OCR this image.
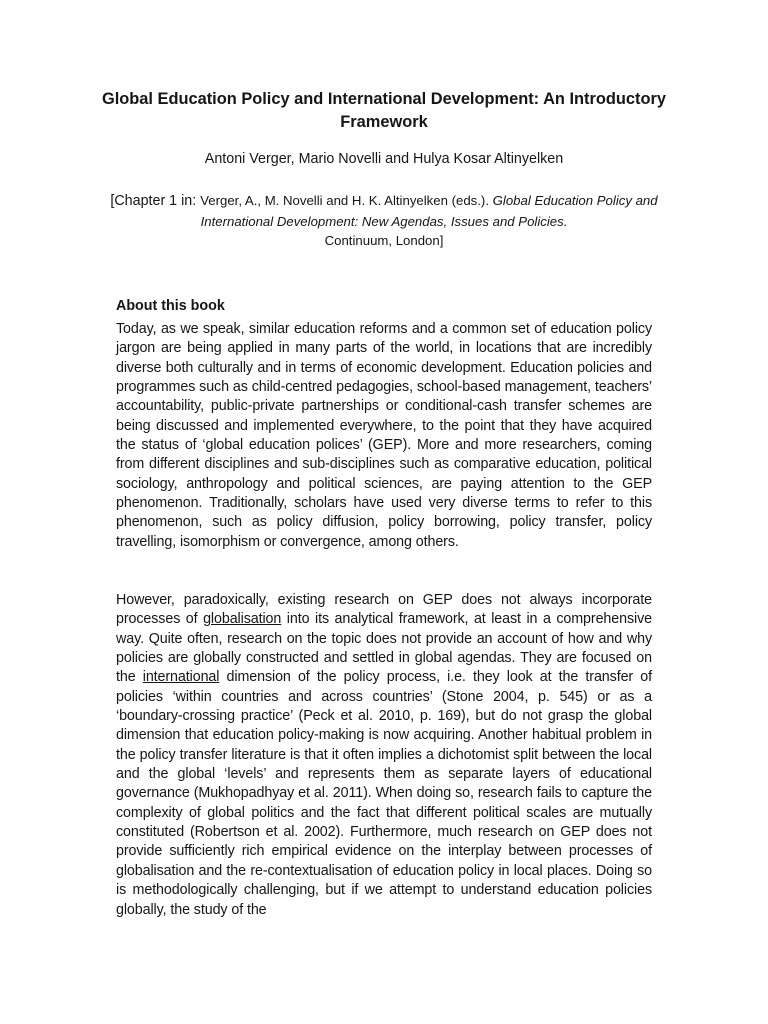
Global Education Policy and International Development: An Introductory Framework

Antoni Verger, Mario Novelli and Hulya Kosar Altinyelken

[Chapter 1 in: Verger, A., M. Novelli and H. K. Altinyelken (eds.). Global Education Policy and International Development: New Agendas, Issues and Policies.
Continuum, London]

About this book

Today, as we speak, similar education reforms and a common set of education policy jargon are being applied in many parts of the world, in locations that are incredibly diverse both culturally and in terms of economic development. Education policies and programmes such as child-centred pedagogies, school-based management, teachers’ accountability, public-private partnerships or conditional-cash transfer schemes are being discussed and implemented everywhere, to the point that they have acquired the status of ‘global education polices’ (GEP). More and more researchers, coming from different disciplines and sub-disciplines such as comparative education, political sociology, anthropology and political sciences, are paying attention to the GEP phenomenon. Traditionally, scholars have used very diverse terms to refer to this phenomenon, such as policy diffusion, policy borrowing, policy transfer, policy travelling, isomorphism or convergence, among others.

However, paradoxically, existing research on GEP does not always incorporate processes of globalisation into its analytical framework, at least in a comprehensive way. Quite often, research on the topic does not provide an account of how and why policies are globally constructed and settled in global agendas. They are focused on the international dimension of the policy process, i.e. they look at the transfer of policies ‘within countries and across countries’ (Stone 2004, p. 545) or as a ‘boundary-crossing practice’ (Peck et al. 2010, p. 169), but do not grasp the global dimension that education policy-making is now acquiring. Another habitual problem in the policy transfer literature is that it often implies a dichotomist split between the local and the global ‘levels’ and represents them as separate layers of educational governance (Mukhopadhyay et al. 2011). When doing so, research fails to capture the complexity of global politics and the fact that different political scales are mutually constituted (Robertson et al. 2002). Furthermore, much research on GEP does not provide sufficiently rich empirical evidence on the interplay between processes of globalisation and the re-contextualisation of education policy in local places. Doing so is methodologically challenging, but if we attempt to understand education policies globally, the study of the
